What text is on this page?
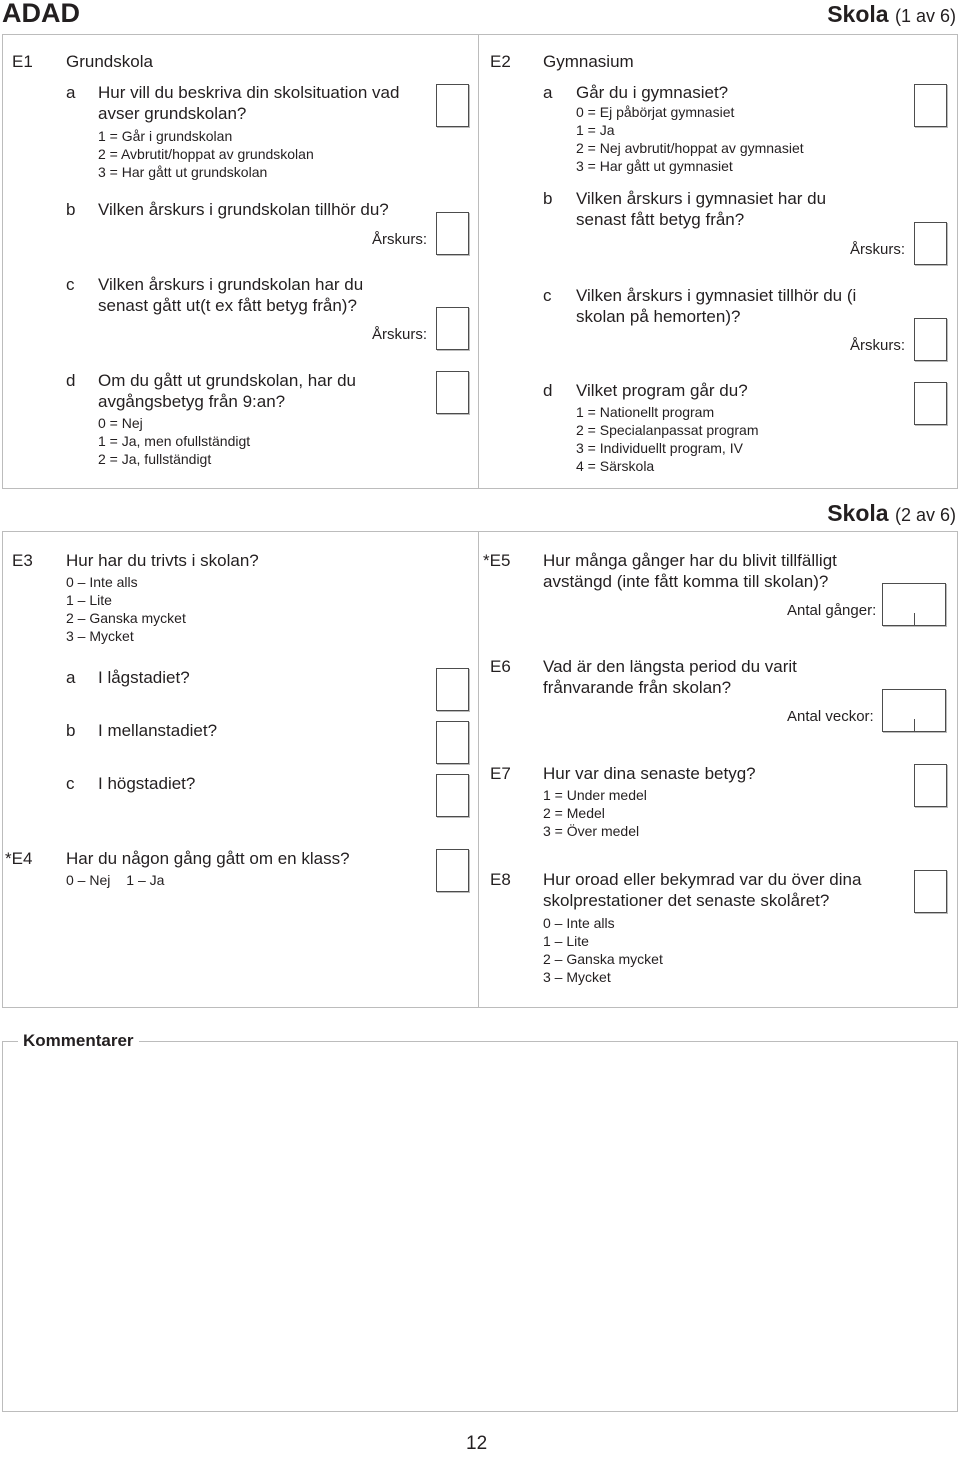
ADAD	Skola (1 av 6)
E1 Grundskola
a Hur vill du beskriva din skolsituation vad avser grundskolan?
1 = Går i grundskolan
2 = Avbrutit/hoppat av grundskolan
3 = Har gått ut grundskolan
b Vilken årskurs i grundskolan tillhör du?
Årskurs:
c Vilken årskurs i grundskolan har du senast gått ut(t ex fått betyg från)?
Årskurs:
d Om du gått ut grundskolan, har du avgångsbetyg från 9:an?
0 = Nej
1 = Ja, men ofullständigt
2 = Ja, fullständigt
E2 Gymnasium
a Går du i gymnasiet?
0 = Ej påbörjat gymnasiet
1 = Ja
2 = Nej avbrutit/hoppat av gymnasiet
3 = Har gått ut gymnasiet
b Vilken årskurs i gymnasiet har du senast fått betyg från?
Årskurs:
c Vilken årskurs i gymnasiet tillhör du (i skolan på hemorten)?
Årskurs:
d Vilket program går du?
1 = Nationellt program
2 = Specialanpassat program
3 = Individuellt program, IV
4 = Särskola
Skola (2 av 6)
E3 Hur har du trivts i skolan?
0 – Inte alls
1 – Lite
2 – Ganska mycket
3 – Mycket
a I lågstadiet?
b I mellanstadiet?
c I högstadiet?
*E4 Har du någon gång gått om en klass?
0 – Nej 1 – Ja
*E5 Hur många gånger har du blivit tillfälligt avstängd (inte fått komma till skolan)?
Antal gånger:
E6 Vad är den längsta period du varit frånvarande från skolan?
Antal veckor:
E7 Hur var dina senaste betyg?
1 = Under medel
2 = Medel
3 = Över medel
E8 Hur oroad eller bekymrad var du över dina skolprestationer det senaste skolåret?
0 – Inte alls
1 – Lite
2 – Ganska mycket
3 – Mycket
Kommentarer
12
